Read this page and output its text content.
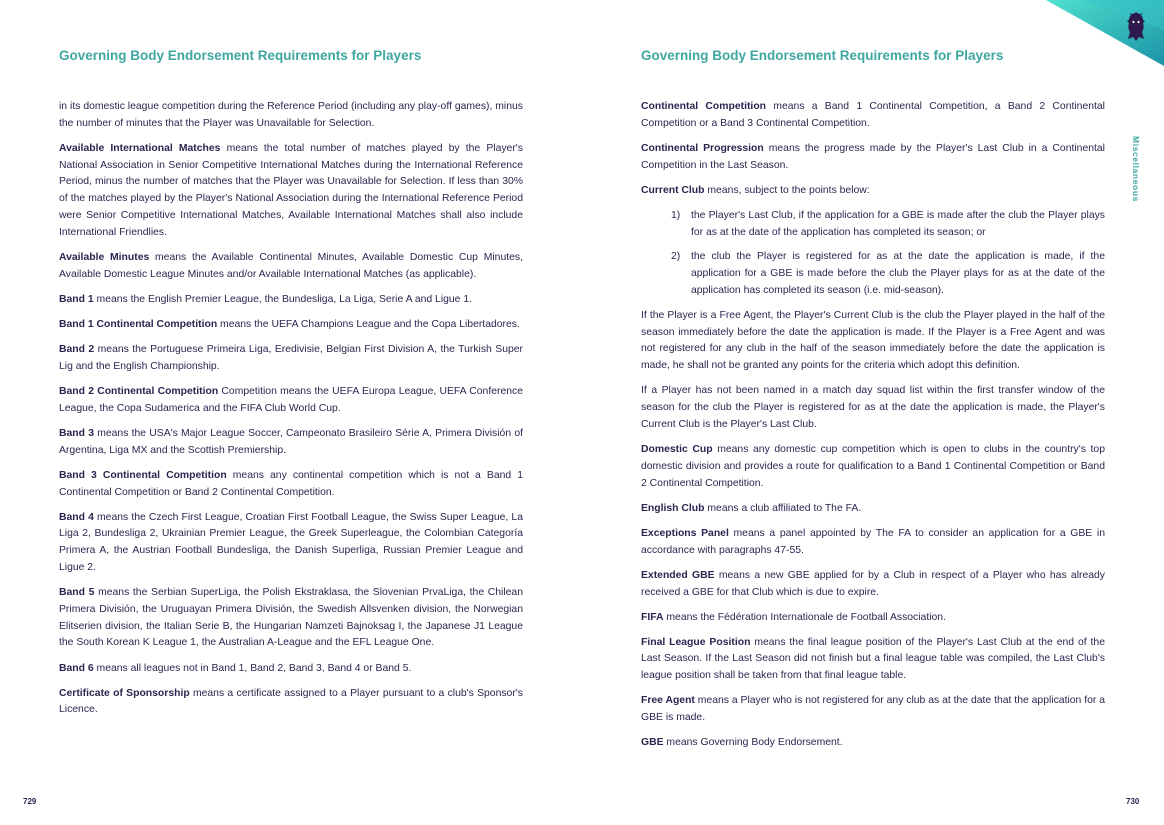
Governing Body Endorsement Requirements for Players

in its domestic league competition during the Reference Period (including any play-off games), minus the number of minutes that the Player was Unavailable for Selection.

Available International Matches means the total number of matches played by the Player's National Association in Senior Competitive International Matches during the International Reference Period, minus the number of matches that the Player was Unavailable for Selection. If less than 30% of the matches played by the Player's National Association during the International Reference Period were Senior Competitive International Matches, Available International Matches shall also include International Friendlies.

Available Minutes means the Available Continental Minutes, Available Domestic Cup Minutes, Available Domestic League Minutes and/or Available International Matches (as applicable).

Band 1 means the English Premier League, the Bundesliga, La Liga, Serie A and Ligue 1.

Band 1 Continental Competition means the UEFA Champions League and the Copa Libertadores.

Band 2 means the Portuguese Primeira Liga, Eredivisie, Belgian First Division A, the Turkish Super Lig and the English Championship.

Band 2 Continental Competition Competition means the UEFA Europa League, UEFA Conference League, the Copa Sudamerica and the FIFA Club World Cup.

Band 3 means the USA's Major League Soccer, Campeonato Brasileiro Série A, Primera División of Argentina, Liga MX and the Scottish Premiership.

Band 3 Continental Competition means any continental competition which is not a Band 1 Continental Competition or Band 2 Continental Competition.

Band 4 means the Czech First League, Croatian First Football League, the Swiss Super League, La Liga 2, Bundesliga 2, Ukrainian Premier League, the Greek Superleague, the Colombian Categoría Primera A, the Austrian Football Bundesliga, the Danish Superliga, Russian Premier League and Ligue 2.

Band 5 means the Serbian SuperLiga, the Polish Ekstraklasa, the Slovenian PrvaLiga, the Chilean Primera División, the Uruguayan Primera División, the Swedish Allsvenken division, the Norwegian Elitserien division, the Italian Serie B, the Hungarian Namzeti Bajnoksag I, the Japanese J1 League the South Korean K League 1, the Australian A-League and the EFL League One.

Band 6 means all leagues not in Band 1, Band 2, Band 3, Band 4 or Band 5.

Certificate of Sponsorship means a certificate assigned to a Player pursuant to a club's Sponsor's Licence.

729
Governing Body Endorsement Requirements for Players

Continental Competition means a Band 1 Continental Competition, a Band 2 Continental Competition or a Band 3 Continental Competition.

Continental Progression means the progress made by the Player's Last Club in a Continental Competition in the Last Season.

Current Club means, subject to the points below:

1)	the Player's Last Club, if the application for a GBE is made after the club the Player plays for as at the date of the application has completed its season; or
2)	the club the Player is registered for as at the date the application is made, if the application for a GBE is made before the club the Player plays for as at the date of the application has completed its season (i.e. mid-season).

If the Player is a Free Agent, the Player's Current Club is the club the Player played in the half of the season immediately before the date the application is made. If the Player is a Free Agent and was not registered for any club in the half of the season immediately before the date the application is made, he shall not be granted any points for the criteria which adopt this definition.

If a Player has not been named in a match day squad list within the first transfer window of the season for the club the Player is registered for as at the date the application is made, the Player's Current Club is the Player's Last Club.

Domestic Cup means any domestic cup competition which is open to clubs in the country's top domestic division and provides a route for qualification to a Band 1 Continental Competition or Band 2 Continental Competition.

English Club means a club affiliated to The FA.

Exceptions Panel means a panel appointed by The FA to consider an application for a GBE in accordance with paragraphs 47-55.

Extended GBE means a new GBE applied for by a Club in respect of a Player who has already received a GBE for that Club which is due to expire.

FIFA means the Fédération Internationale de Football Association.

Final League Position means the final league position of the Player's Last Club at the end of the Last Season. If the Last Season did not finish but a final league table was compiled, the Last Club's league position shall be taken from that final league table.

Free Agent means a Player who is not registered for any club as at the date that the application for a GBE is made.

GBE means Governing Body Endorsement.

Miscellaneous
730
